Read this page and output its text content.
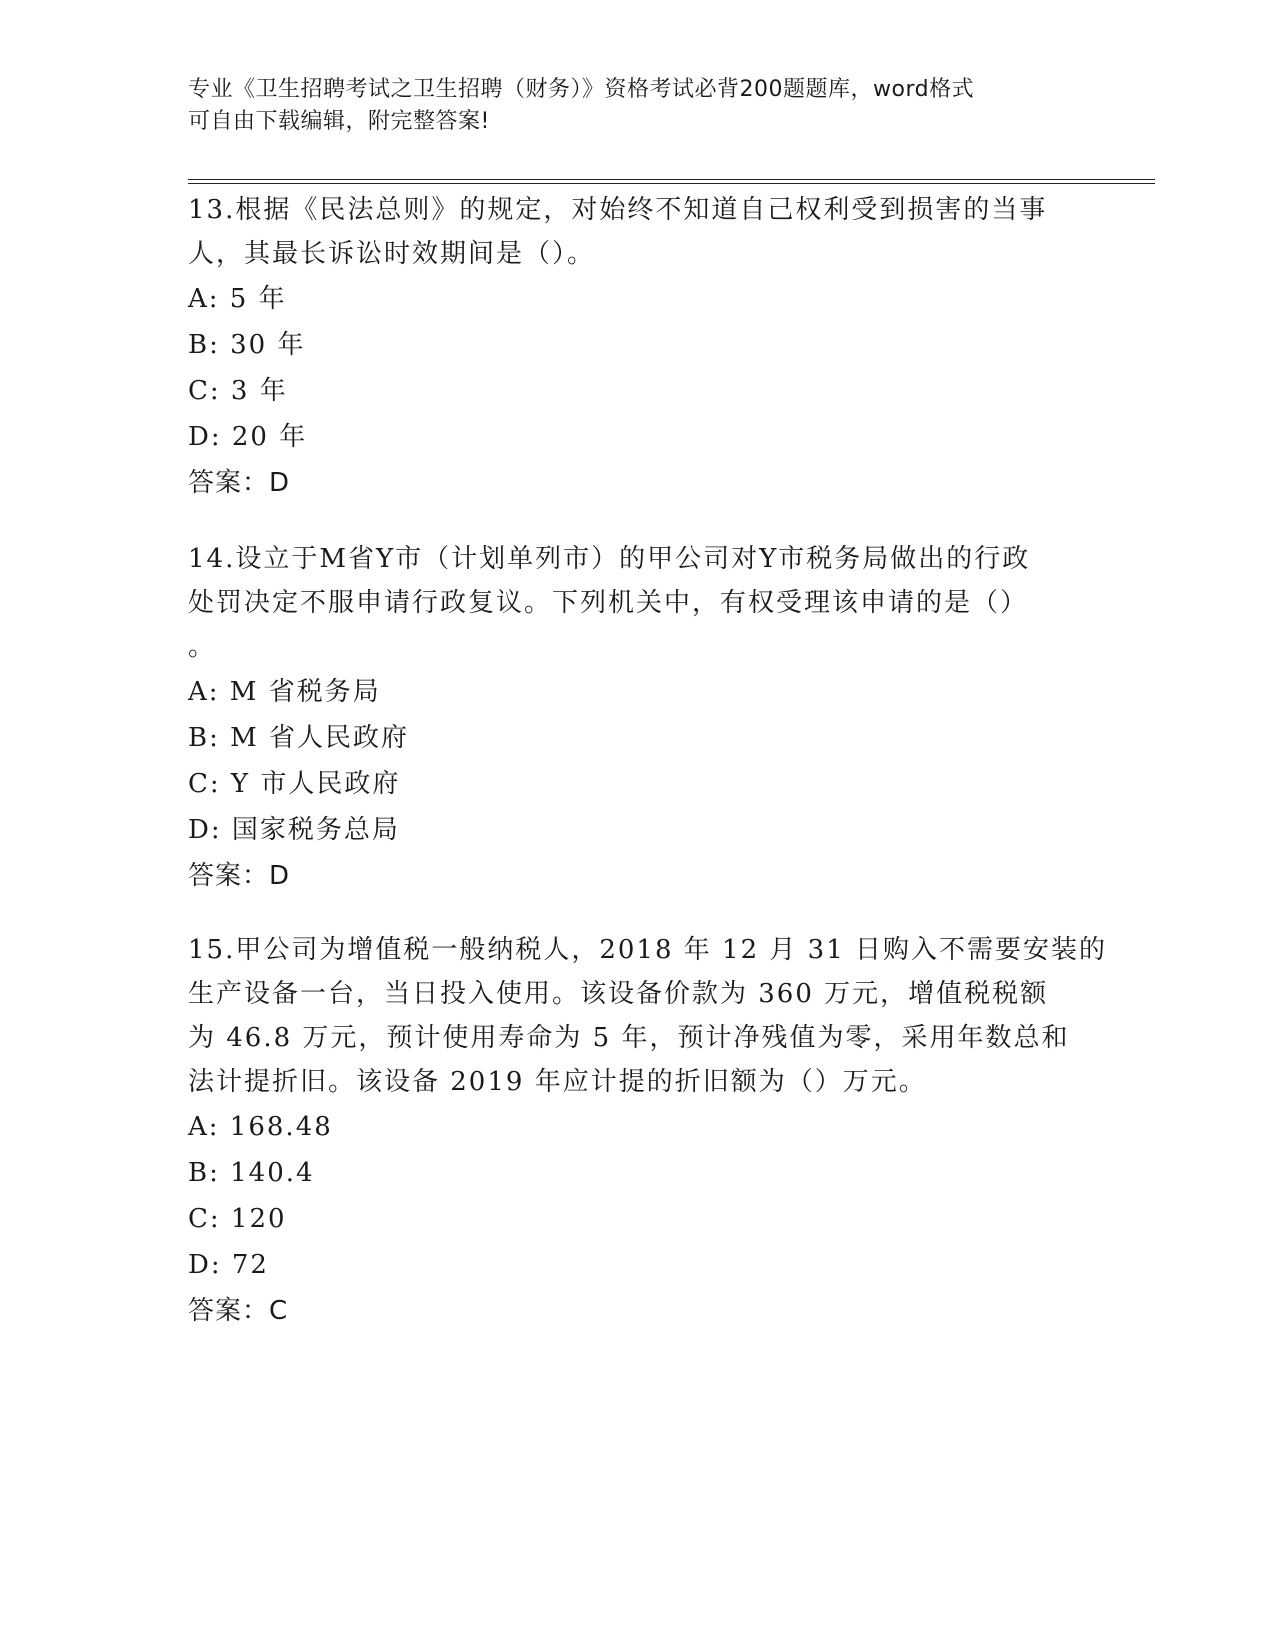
专业《卫生招聘考试之卫生招聘（财务）》资格考试必背200题题库，word格式
可自由下载编辑，附完整答案!
13.根据《民法总则》的规定，对始终不知道自己权利受到损害的当事
人，其最长诉讼时效期间是（）。
A: 5 年
B: 30 年
C: 3 年
D: 20 年
答案：D
14.设立于M省Y市（计划单列市）的甲公司对Y市税务局做出的行政
处罚决定不服申请行政复议。下列机关中，有权受理该申请的是（）
。
A: M 省税务局
B: M 省人民政府
C: Y 市人民政府
D: 国家税务总局
答案：D
15.甲公司为增值税一般纳税人，2018 年 12 月 31 日购入不需要安装的
生产设备一台，当日投入使用。该设备价款为 360 万元，增值税税额
为 46.8 万元，预计使用寿命为 5 年，预计净残值为零，采用年数总和
法计提折旧。该设备 2019 年应计提的折旧额为（）万元。
A: 168.48
B: 140.4
C: 120
D: 72
答案：C
